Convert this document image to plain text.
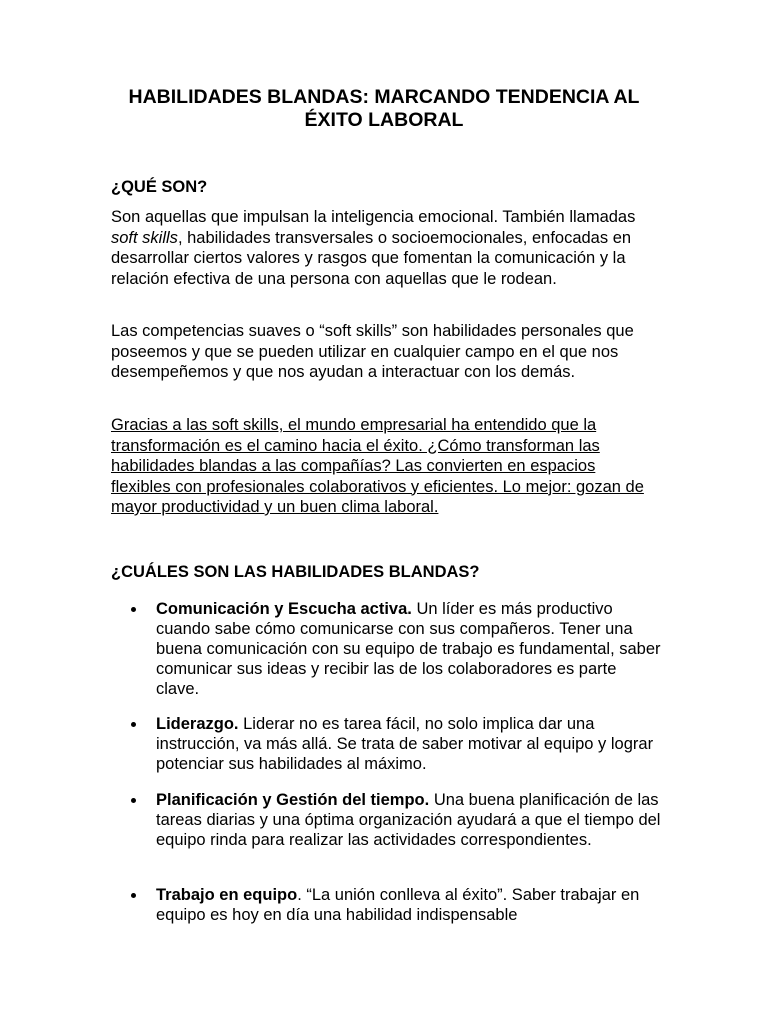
HABILIDADES BLANDAS: MARCANDO TENDENCIA AL ÉXITO LABORAL
¿QUÉ SON?
Son aquellas que impulsan la inteligencia emocional. También llamadas soft skills, habilidades transversales o socioemocionales, enfocadas en desarrollar ciertos valores y rasgos que fomentan la comunicación y la relación efectiva de una persona con aquellas que le rodean.
Las competencias suaves o “soft skills” son habilidades personales que poseemos y que se pueden utilizar en cualquier campo en el que nos desempeñemos y que nos ayudan a interactuar con los demás.
Gracias a las soft skills, el mundo empresarial ha entendido que la transformación es el camino hacia el éxito. ¿Cómo transforman las habilidades blandas a las compañías? Las convierten en espacios flexibles con profesionales colaborativos y eficientes. Lo mejor: gozan de mayor productividad y un buen clima laboral.
¿CUÁLES SON LAS HABILIDADES BLANDAS?
Comunicación y Escucha activa. Un líder es más productivo cuando sabe cómo comunicarse con sus compañeros. Tener una buena comunicación con su equipo de trabajo es fundamental, saber comunicar sus ideas y recibir las de los colaboradores es parte clave.
Liderazgo. Liderar no es tarea fácil, no solo implica dar una instrucción, va más allá. Se trata de saber motivar al equipo y lograr potenciar sus habilidades al máximo.
Planificación y Gestión del tiempo. Una buena planificación de las tareas diarias y una óptima organización ayudará a que el tiempo del equipo rinda para realizar las actividades correspondientes.
Trabajo en equipo. “La unión conlleva al éxito”. Saber trabajar en equipo es hoy en día una habilidad indispensable
